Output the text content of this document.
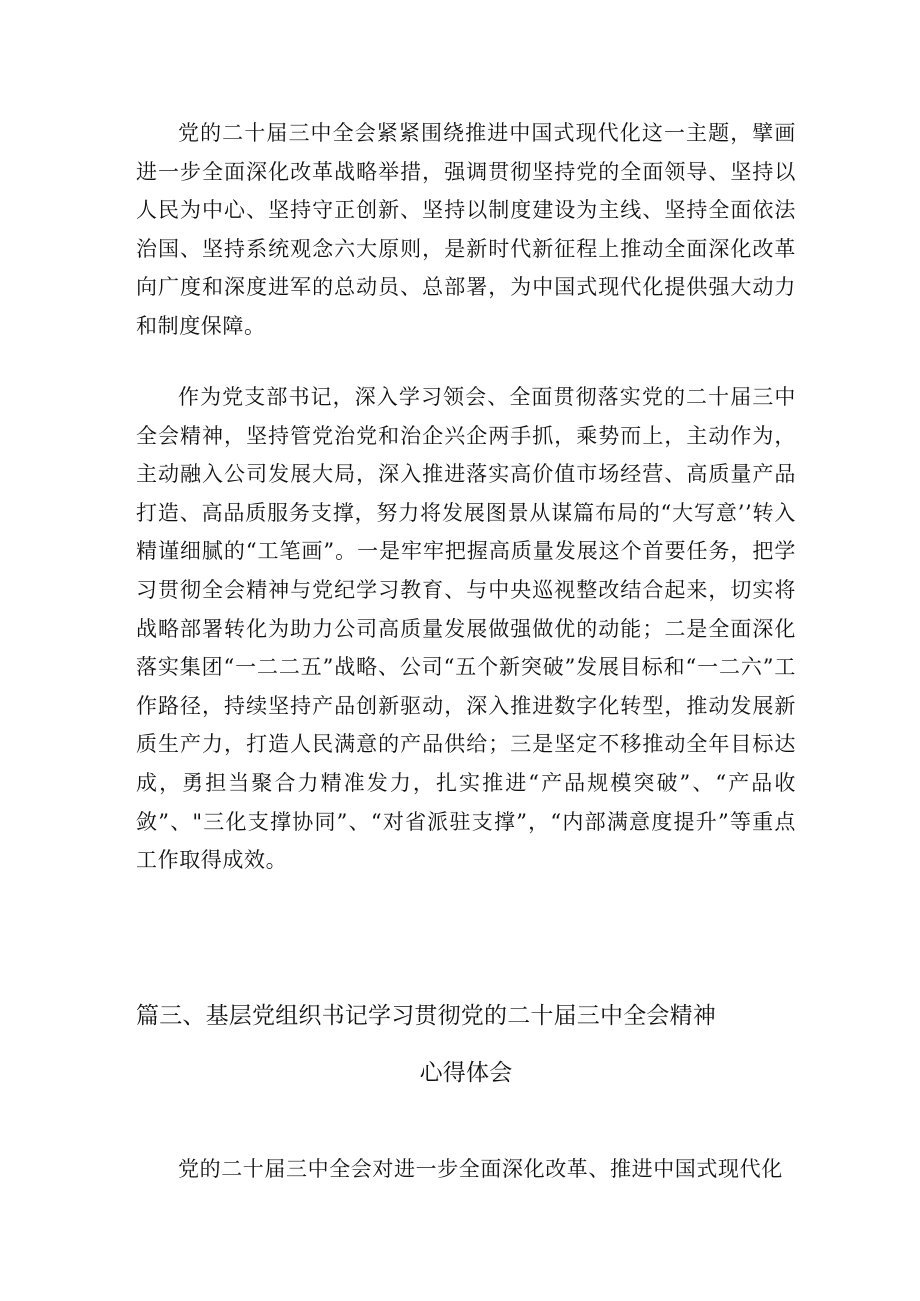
党的二十届三中全会紧紧围绕推进中国式现代化这一主题，擘画进一步全面深化改革战略举措，强调贯彻坚持党的全面领导、坚持以人民为中心、坚持守正创新、坚持以制度建设为主线、坚持全面依法治国、坚持系统观念六大原则，是新时代新征程上推动全面深化改革向广度和深度进军的总动员、总部署，为中国式现代化提供强大动力和制度保障。

作为党支部书记，深入学习领会、全面贯彻落实党的二十届三中全会精神，坚持管党治党和治企兴企两手抓，乘势而上，主动作为，主动融入公司发展大局，深入推进落实高价值市场经营、高质量产品打造、高品质服务支撑，努力将发展图景从谋篇布局的“大写意’’转入精谨细腻的“工笔画”。一是牢牢把握高质量发展这个首要任务，把学习贯彻全会精神与党纪学习教育、与中央巡视整改结合起来，切实将战略部署转化为助力公司高质量发展做强做优的动能；二是全面深化落实集团“一二二五”战略、公司“五个新突破”发展目标和“一二六”工作路径，持续坚持产品创新驱动，深入推进数字化转型，推动发展新质生产力，打造人民满意的产品供给；三是坚定不移推动全年目标达成，勇担当聚合力精准发力，扎实推进“产品规模突破”、“产品收敛”、"三化支撑协同”、“对省派驻支撑”，“内部满意度提升”等重点工作取得成效。

篇三、基层党组织书记学习贯彻党的二十届三中全会精神
心得体会

党的二十届三中全会对进一步全面深化改革、推进中国式现代化
